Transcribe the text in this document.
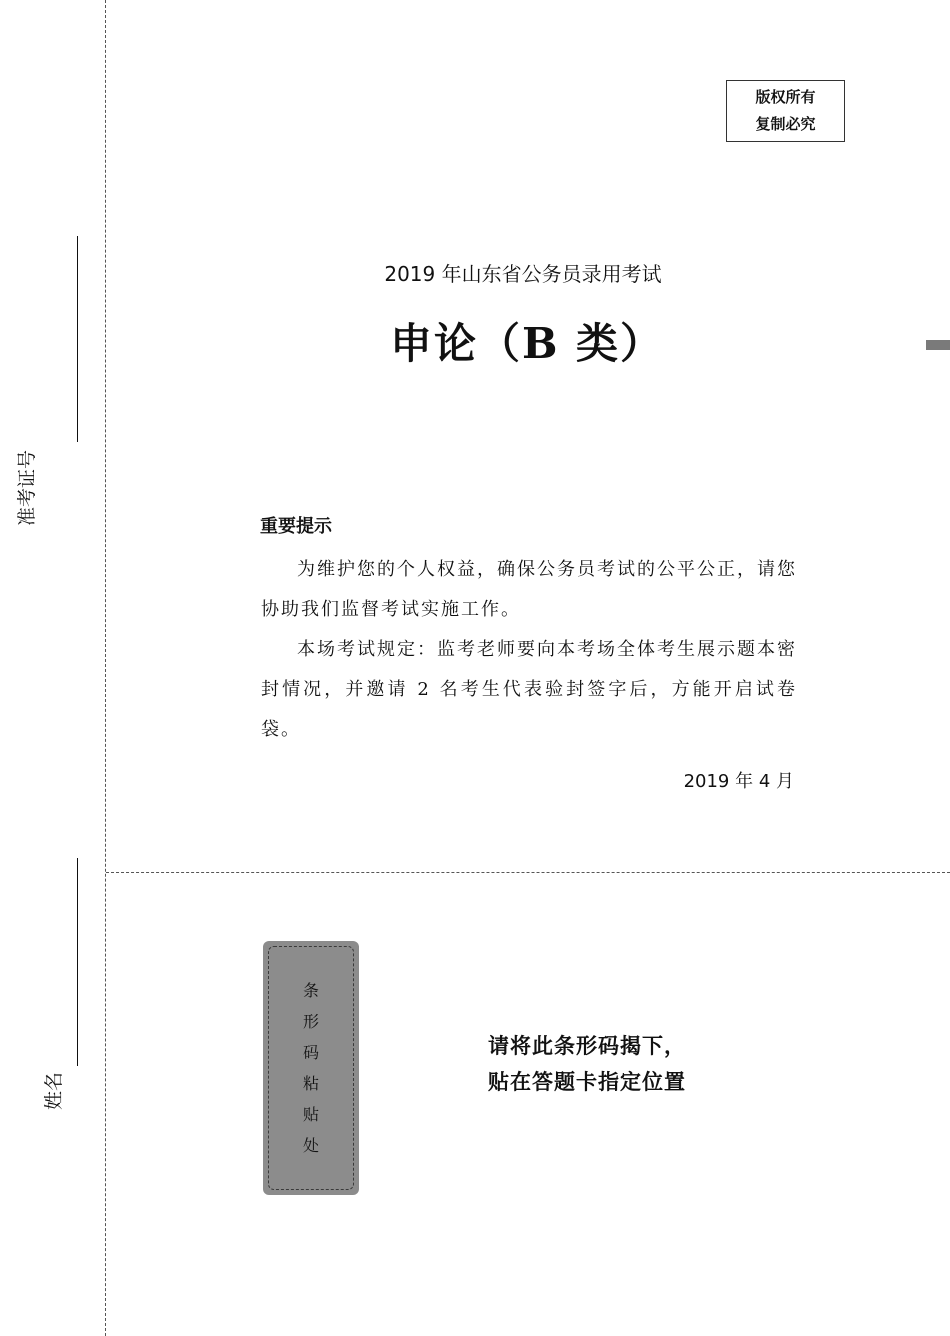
准考证号
姓名
版权所有
复制必究
2019 年山东省公务员录用考试
申论（B 类）
重要提示

为维护您的个人权益，确保公务员考试的公平公正，请您协助我们监督考试实施工作。

本场考试规定：监考老师要向本考场全体考生展示题本密封情况，并邀请 2 名考生代表验封签字后，方能开启试卷袋。

2019 年 4 月
条
形
码
粘
贴
处
请将此条形码揭下，
贴在答题卡指定位置
